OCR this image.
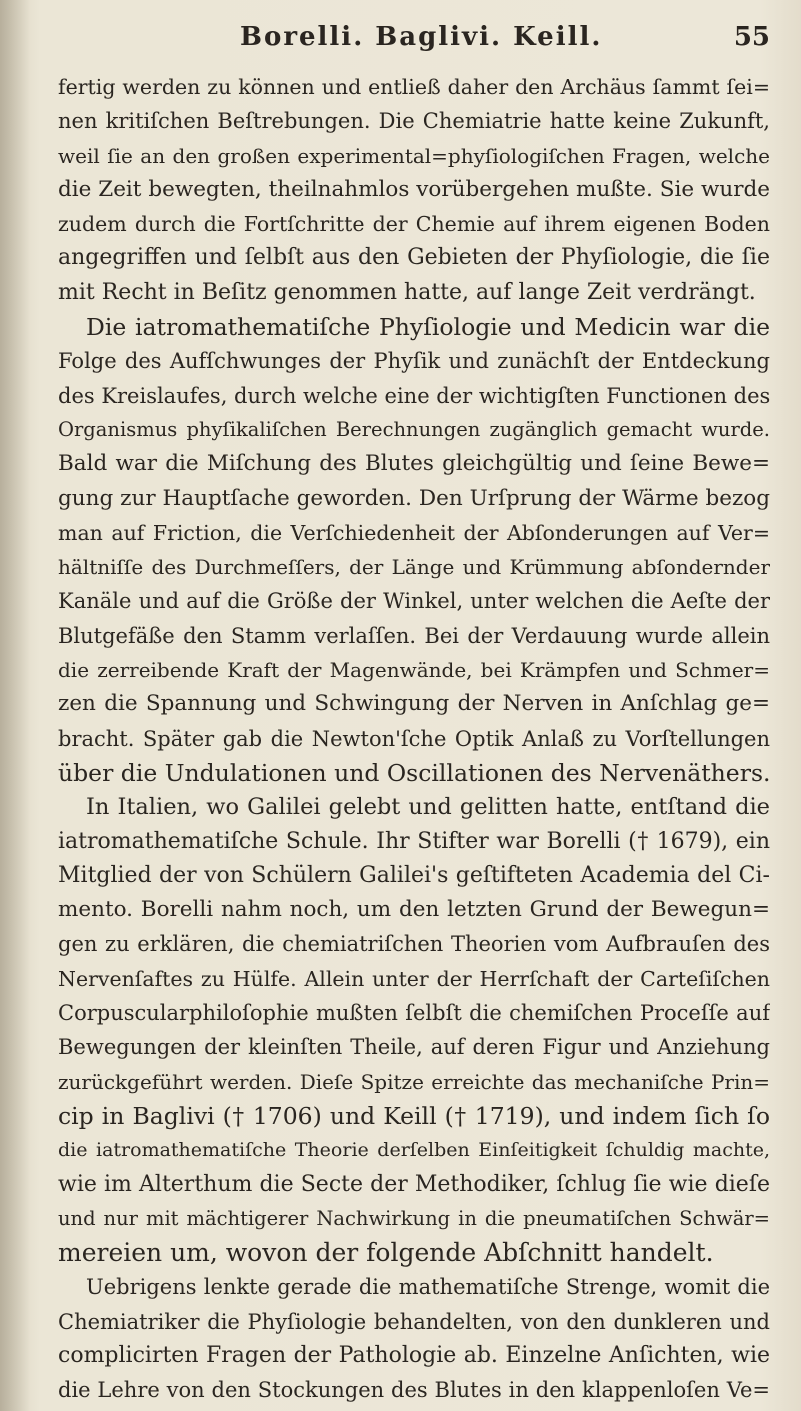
Borelli. Baglivi. Keill.	55
fertig werden zu können und entließ daher den Archäus ſammt ſei=
nen kritiſchen Beſtrebungen. Die Chemiatrie hatte keine Zukunft,
weil ſie an den großen experimental=phyſiologiſchen Fragen, welche
die Zeit bewegten, theilnahmlos vorübergehen mußte. Sie wurde
zudem durch die Fortſchritte der Chemie auf ihrem eigenen Boden
angegriffen und ſelbſt aus den Gebieten der Phyſiologie, die ſie
mit Recht in Beſitz genommen hatte, auf lange Zeit verdrängt.
Die iatromathematiſche Phyſiologie und Medicin war die
Folge des Aufſchwunges der Phyſik und zunächſt der Entdeckung
des Kreislaufes, durch welche eine der wichtigſten Functionen des
Organismus phyſikaliſchen Berechnungen zugänglich gemacht wurde.
Bald war die Miſchung des Blutes gleichgültig und ſeine Bewe=
gung zur Hauptſache geworden. Den Urſprung der Wärme bezog
man auf Friction, die Verſchiedenheit der Abſonderungen auf Ver=
hältniſſe des Durchmeſſers, der Länge und Krümmung abſondernder
Kanäle und auf die Größe der Winkel, unter welchen die Aeſte der
Blutgefäße den Stamm verlaſſen. Bei der Verdauung wurde allein
die zerreibende Kraft der Magenwände, bei Krämpfen und Schmer=
zen die Spannung und Schwingung der Nerven in Anſchlag ge=
bracht. Später gab die Newton'ſche Optik Anlaß zu Vorſtellungen
über die Undulationen und Oscillationen des Nervenäthers.
In Italien, wo Galilei gelebt und gelitten hatte, entſtand die
iatromathematiſche Schule. Ihr Stifter war Borelli († 1679), ein
Mitglied der von Schülern Galilei's geſtifteten Academia del Ci-
mento. Borelli nahm noch, um den letzten Grund der Bewegun=
gen zu erklären, die chemiatriſchen Theorien vom Aufbrauſen des
Nervenſaftes zu Hülfe. Allein unter der Herrſchaft der Carteſiſchen
Corpuscularphiloſophie mußten ſelbſt die chemiſchen Proceſſe auf
Bewegungen der kleinſten Theile, auf deren Figur und Anziehung
zurückgeführt werden. Dieſe Spitze erreichte das mechaniſche Prin=
cip in Baglivi († 1706) und Keill († 1719), und indem ſich ſo
die iatromathematiſche Theorie derſelben Einſeitigkeit ſchuldig machte,
wie im Alterthum die Secte der Methodiker, ſchlug ſie wie dieſe
und nur mit mächtigerer Nachwirkung in die pneumatiſchen Schwär=
mereien um, wovon der folgende Abſchnitt handelt.
Uebrigens lenkte gerade die mathematiſche Strenge, womit die
Chemiatriker die Phyſiologie behandelten, von den dunkleren und
complicirten Fragen der Pathologie ab. Einzelne Anſichten, wie
die Lehre von den Stockungen des Blutes in den klappenloſen Ve=
